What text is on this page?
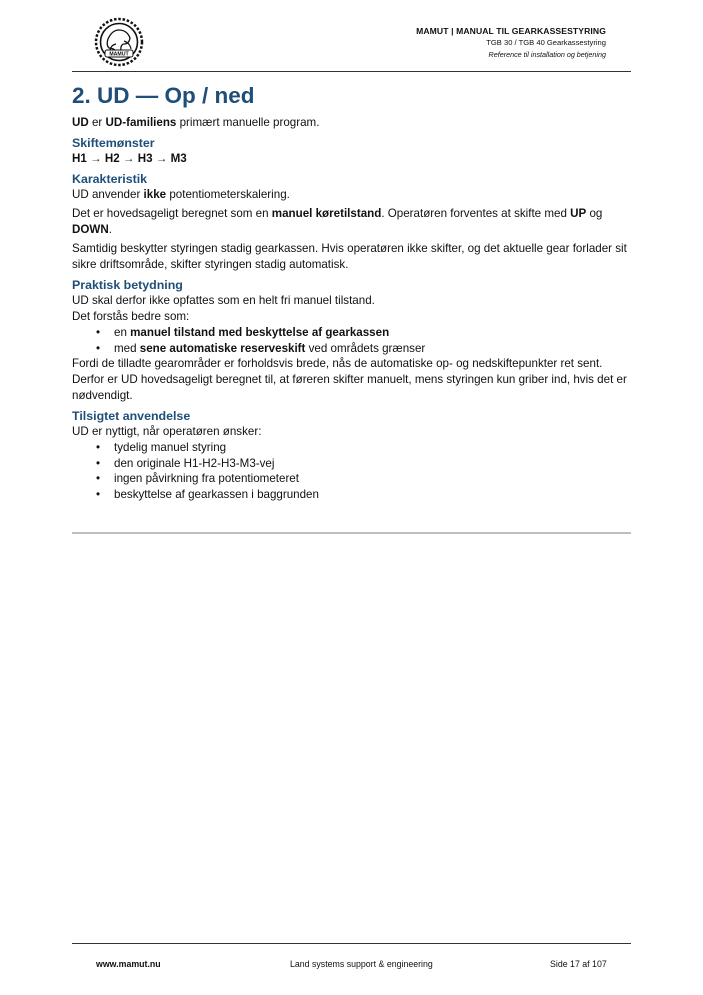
MAMUT
MAMUT | MANUAL TIL GEARKASSESTYRING
TGB 30 / TGB 40 Gearkassestyring
Reference til installation og betjening
2. UD — Op / ned

UD er UD-familiens primært manuelle program.

Skiftemønster

H1 → H2 → H3 → M3

Karakteristik

UD anvender ikke potentiometerskalering.

Det er hovedsageligt beregnet som en manuel køretilstand. Operatøren forventes at skifte med UP og DOWN.

Samtidig beskytter styringen stadig gearkassen. Hvis operatøren ikke skifter, og det aktuelle gear forlader sit sikre driftsområde, skifter styringen stadig automatisk.

Praktisk betydning

UD skal derfor ikke opfattes som en helt fri manuel tilstand.

Det forstås bedre som:

• en manuel tilstand med beskyttelse af gearkassen
• med sene automatiske reserveskift ved områdets grænser

Fordi de tilladte gearområder er forholdsvis brede, nås de automatiske op- og nedskiftepunkter ret sent. Derfor er UD hovedsageligt beregnet til, at føreren skifter manuelt, mens styringen kun griber ind, hvis det er nødvendigt.

Tilsigtet anvendelse

UD er nyttigt, når operatøren ønsker:

• tydelig manuel styring
• den originale H1-H2-H3-M3-vej
• ingen påvirkning fra potentiometeret
• beskyttelse af gearkassen i baggrunden
www.mamut.nu	Land systems support & engineering	Side 17 af 107
